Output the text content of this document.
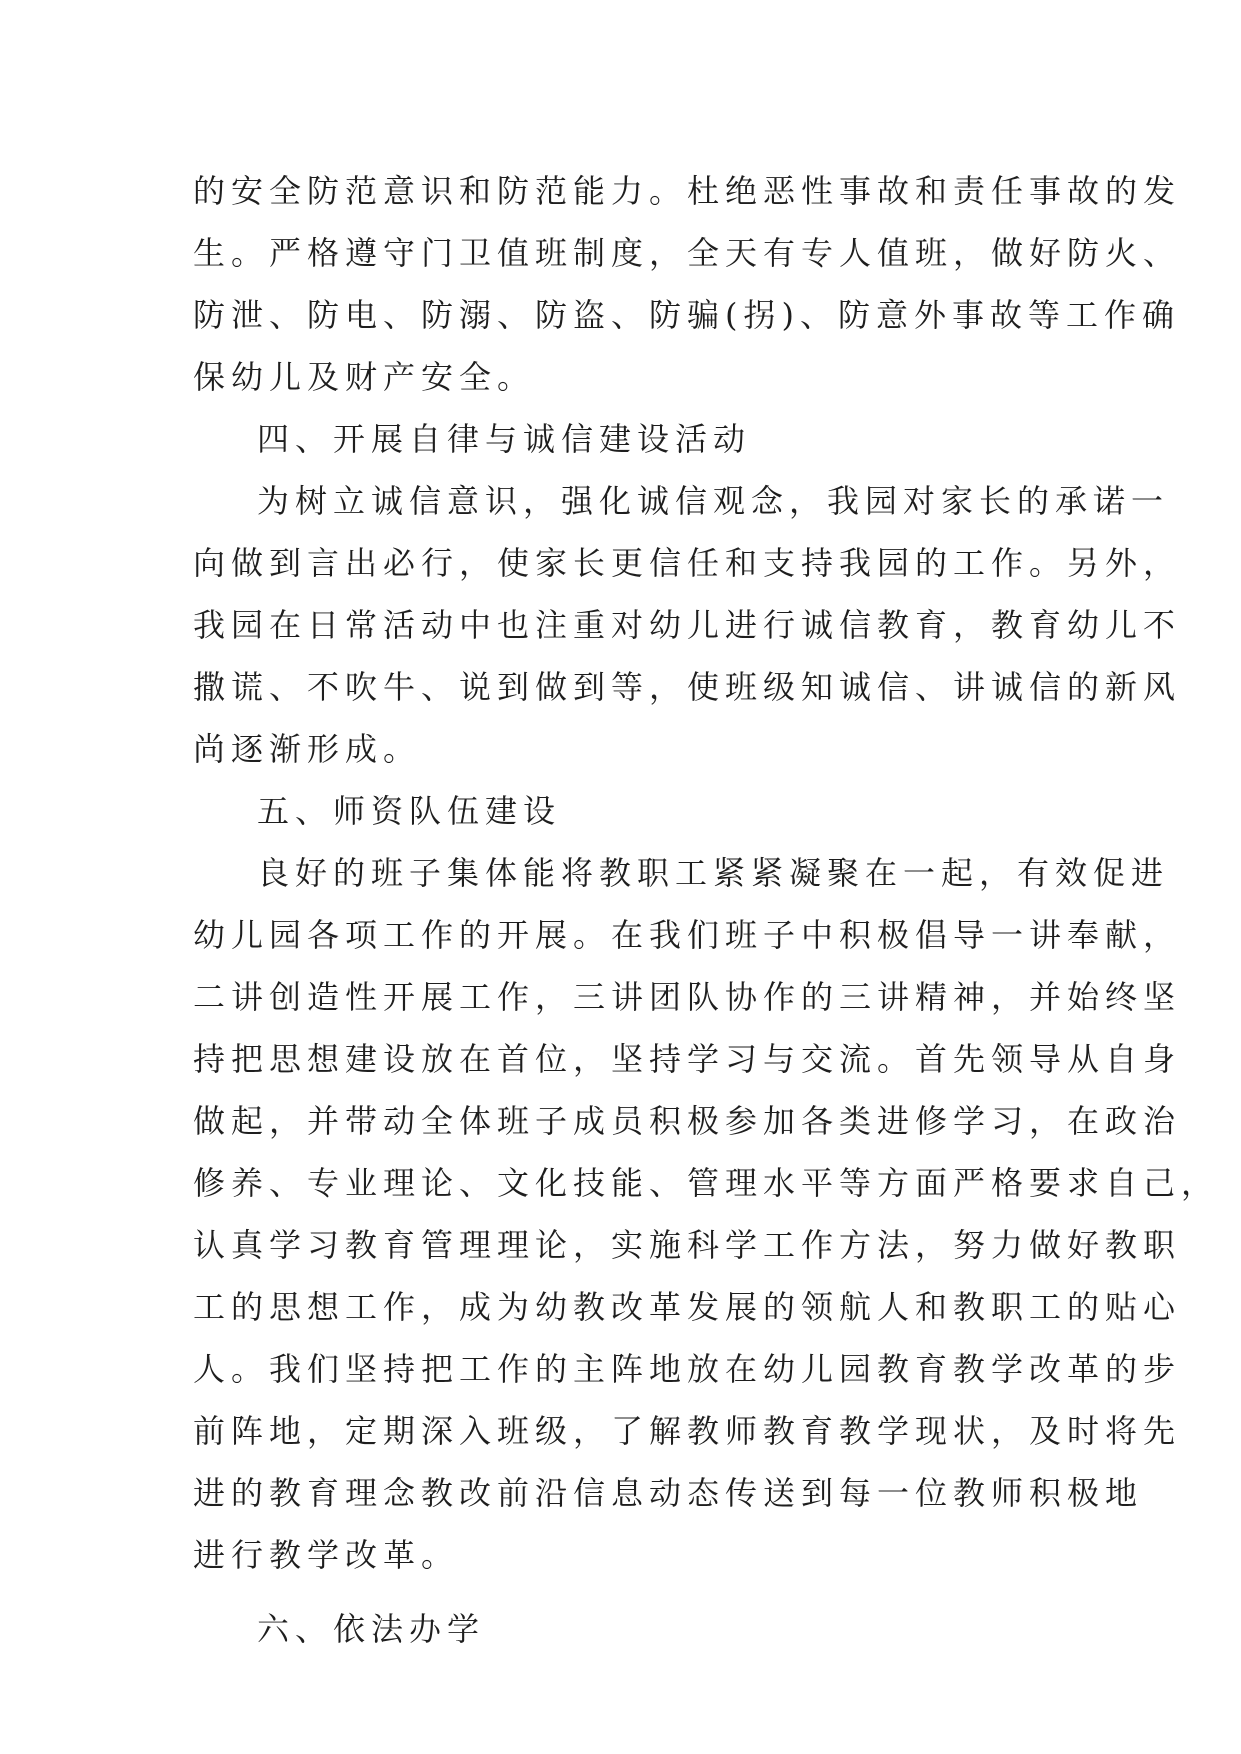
的安全防范意识和防范能力。杜绝恶性事故和责任事故的发
生。严格遵守门卫值班制度，全天有专人值班，做好防火、
防泄、防电、防溺、防盗、防骗(拐)、防意外事故等工作确
保幼儿及财产安全。
四、开展自律与诚信建设活动
为树立诚信意识，强化诚信观念，我园对家长的承诺一
向做到言出必行，使家长更信任和支持我园的工作。另外，
我园在日常活动中也注重对幼儿进行诚信教育，教育幼儿不
撒谎、不吹牛、说到做到等，使班级知诚信、讲诚信的新风
尚逐渐形成。
五、师资队伍建设
良好的班子集体能将教职工紧紧凝聚在一起，有效促进
幼儿园各项工作的开展。在我们班子中积极倡导一讲奉献，
二讲创造性开展工作，三讲团队协作的三讲精神，并始终坚
持把思想建设放在首位，坚持学习与交流。首先领导从自身
做起，并带动全体班子成员积极参加各类进修学习，在政治
修养、专业理论、文化技能、管理水平等方面严格要求自己，
认真学习教育管理理论，实施科学工作方法，努力做好教职
工的思想工作，成为幼教改革发展的领航人和教职工的贴心
人。我们坚持把工作的主阵地放在幼儿园教育教学改革的步
前阵地，定期深入班级，了解教师教育教学现状，及时将先
进的教育理念教改前沿信息动态传送到每一位教师积极地
进行教学改革。
六、依法办学
